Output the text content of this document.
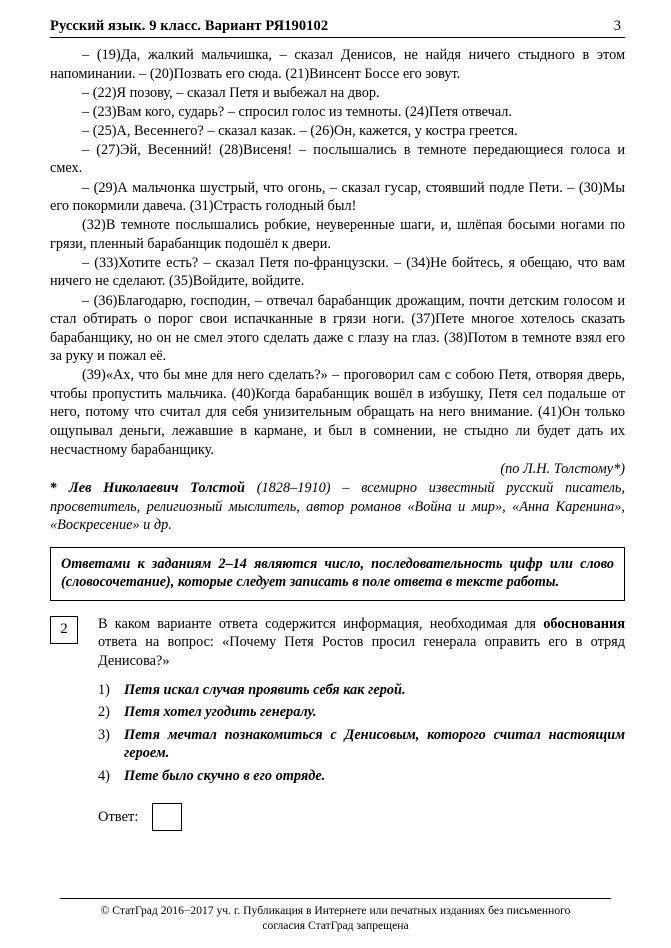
Русский язык. 9 класс. Вариант РЯ190102	3

– (19)Да, жалкий мальчишка, – сказал Денисов, не найдя ничего стыдного в этом напоминании. – (20)Позвать его сюда. (21)Винсент Боссе его зовут.

– (22)Я позову, – сказал Петя и выбежал на двор.

– (23)Вам кого, сударь? – спросил голос из темноты. (24)Петя отвечал.

– (25)А, Весеннего? – сказал казак. – (26)Он, кажется, у костра греется.

– (27)Эй, Весенний! (28)Висеня! – послышались в темноте передающиеся голоса и смех.

– (29)А мальчонка шустрый, что огонь, – сказал гусар, стоявший подле Пети. – (30)Мы его покормили давеча. (31)Страсть голодный был!

(32)В темноте послышались робкие, неуверенные шаги, и, шлёпая босыми ногами по грязи, пленный барабанщик подошёл к двери.

– (33)Хотите есть? – сказал Петя по-французски. – (34)Не бойтесь, я обещаю, что вам ничего не сделают. (35)Войдите, войдите.

– (36)Благодарю, господин, – отвечал барабанщик дрожащим, почти детским голосом и стал обтирать о порог свои испачканные в грязи ноги. (37)Пете многое хотелось сказать барабанщику, но он не смел этого сделать даже с глазу на глаз. (38)Потом в темноте взял его за руку и пожал её.

(39)«Ах, что бы мне для него сделать?» – проговорил сам с собою Петя, отворяя дверь, чтобы пропустить мальчика. (40)Когда барабанщик вошёл в избушку, Петя сел подальше от него, потому что считал для себя унизительным обращать на него внимание. (41)Он только ощупывал деньги, лежавшие в кармане, и был в сомнении, не стыдно ли будет дать их несчастному барабанщику.

(по Л.Н. Толстому*)

* Лев Николаевич Толстой (1828–1910) – всемирно известный русский писатель, просветитель, религиозный мыслитель, автор романов «Война и мир», «Анна Каренина», «Воскресение» и др.

Ответами к заданиям 2–14 являются число, последовательность цифр или слово (словосочетание), которые следует записать в поле ответа в тексте работы.
2	В каком варианте ответа содержится информация, необходимая для обоснования ответа на вопрос: «Почему Петя Ростов просил генерала оправить его в отряд Денисова?»

1) Петя искал случая проявить себя как герой.
2) Петя хотел угодить генералу.
3) Петя мечтал познакомиться с Денисовым, которого считал настоящим героем.
4) Пете было скучно в его отряде.
Ответ:
© СтатГрад 2016−2017 уч. г. Публикация в Интернете или печатных изданиях без письменного
согласия СтатГрад запрещена
